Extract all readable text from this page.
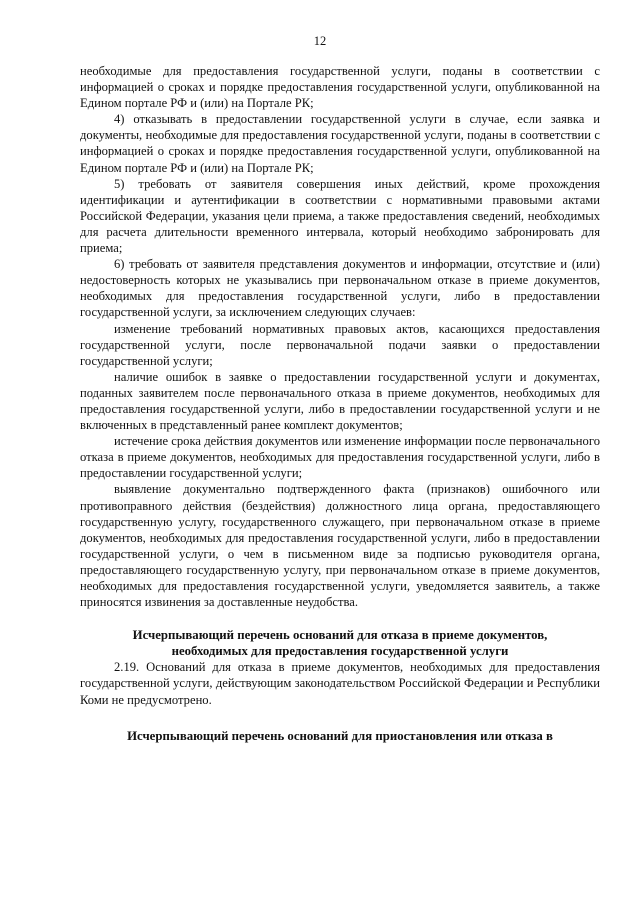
12

необходимые для предоставления государственной услуги, поданы в соответствии с информацией о сроках и порядке предоставления государственной услуги, опубликованной на Едином портале РФ и (или) на Портале РК;

4) отказывать в предоставлении государственной услуги в случае, если заявка и документы, необходимые для предоставления государственной услуги, поданы в соответствии с информацией о сроках и порядке предоставления государственной услуги, опубликованной на Едином портале РФ и (или) на Портале РК;

5) требовать от заявителя совершения иных действий, кроме прохождения идентификации и аутентификации в соответствии с нормативными правовыми актами Российской Федерации, указания цели приема, а также предоставления сведений, необходимых для расчета длительности временного интервала, который необходимо забронировать для приема;

6) требовать от заявителя представления документов и информации, отсутствие и (или) недостоверность которых не указывались при первоначальном отказе в приеме документов, необходимых для предоставления государственной услуги, либо в предоставлении государственной услуги, за исключением следующих случаев:

изменение требований нормативных правовых актов, касающихся предоставления государственной услуги, после первоначальной подачи заявки о предоставлении государственной услуги;

наличие ошибок в заявке о предоставлении государственной услуги и документах, поданных заявителем после первоначального отказа в приеме документов, необходимых для предоставления государственной услуги, либо в предоставлении государственной услуги и не включенных в представленный ранее комплект документов;

истечение срока действия документов или изменение информации после первоначального отказа в приеме документов, необходимых для предоставления государственной услуги, либо в предоставлении государственной услуги;

выявление документально подтвержденного факта (признаков) ошибочного или противоправного действия (бездействия) должностного лица органа, предоставляющего государственную услугу, государственного служащего, при первоначальном отказе в приеме документов, необходимых для предоставления государственной услуги, либо в предоставлении государственной услуги, о чем в письменном виде за подписью руководителя органа, предоставляющего государственную услугу, при первоначальном отказе в приеме документов, необходимых для предоставления государственной услуги, уведомляется заявитель, а также приносятся извинения за доставленные неудобства.

Исчерпывающий перечень оснований для отказа в приеме документов,
необходимых для предоставления государственной услуги

2.19. Оснований для отказа в приеме документов, необходимых для предоставления государственной услуги, действующим законодательством Российской Федерации и Республики Коми не предусмотрено.

Исчерпывающий перечень оснований для приостановления или отказа в
